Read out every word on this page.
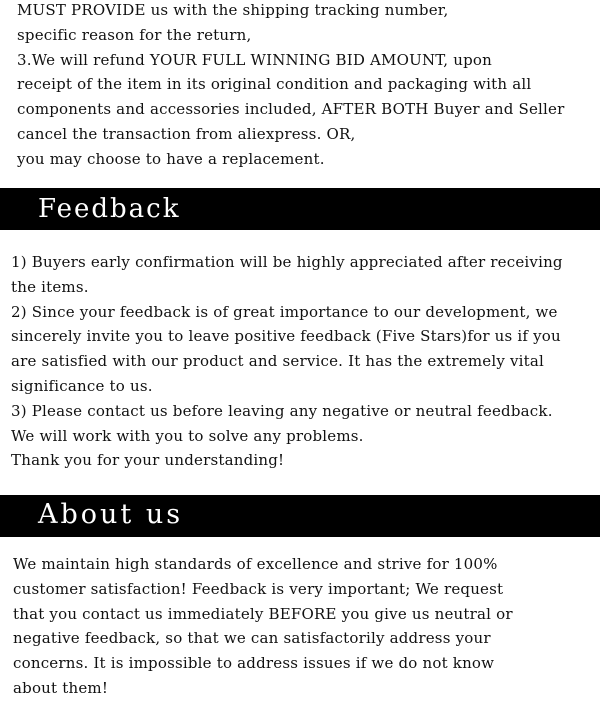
MUST PROVIDE us with the shipping tracking number,
specific reason for the return,
3.We will refund YOUR FULL WINNING BID AMOUNT, upon
receipt of the item in its original condition and packaging with all
components and accessories included, AFTER BOTH Buyer and Seller
cancel the transaction from aliexpress. OR,
you may choose to have a replacement.
Feedback
1) Buyers early confirmation will be highly appreciated after receiving
the items.
2) Since your feedback is of great importance to our development, we
sincerely invite you to leave positive feedback (Five Stars)for us if you
are satisfied with our product and service. It has the extremely vital
significance to us.
3) Please contact us before leaving any negative or neutral feedback.
We will work with you to solve any problems.
Thank you for your understanding!
About us
We maintain high standards of excellence and strive for 100%
customer satisfaction! Feedback is very important; We request
that you contact us immediately BEFORE you give us neutral or
negative feedback, so that we can satisfactorily address your
concerns. It is impossible to address issues if we do not know
about them!
